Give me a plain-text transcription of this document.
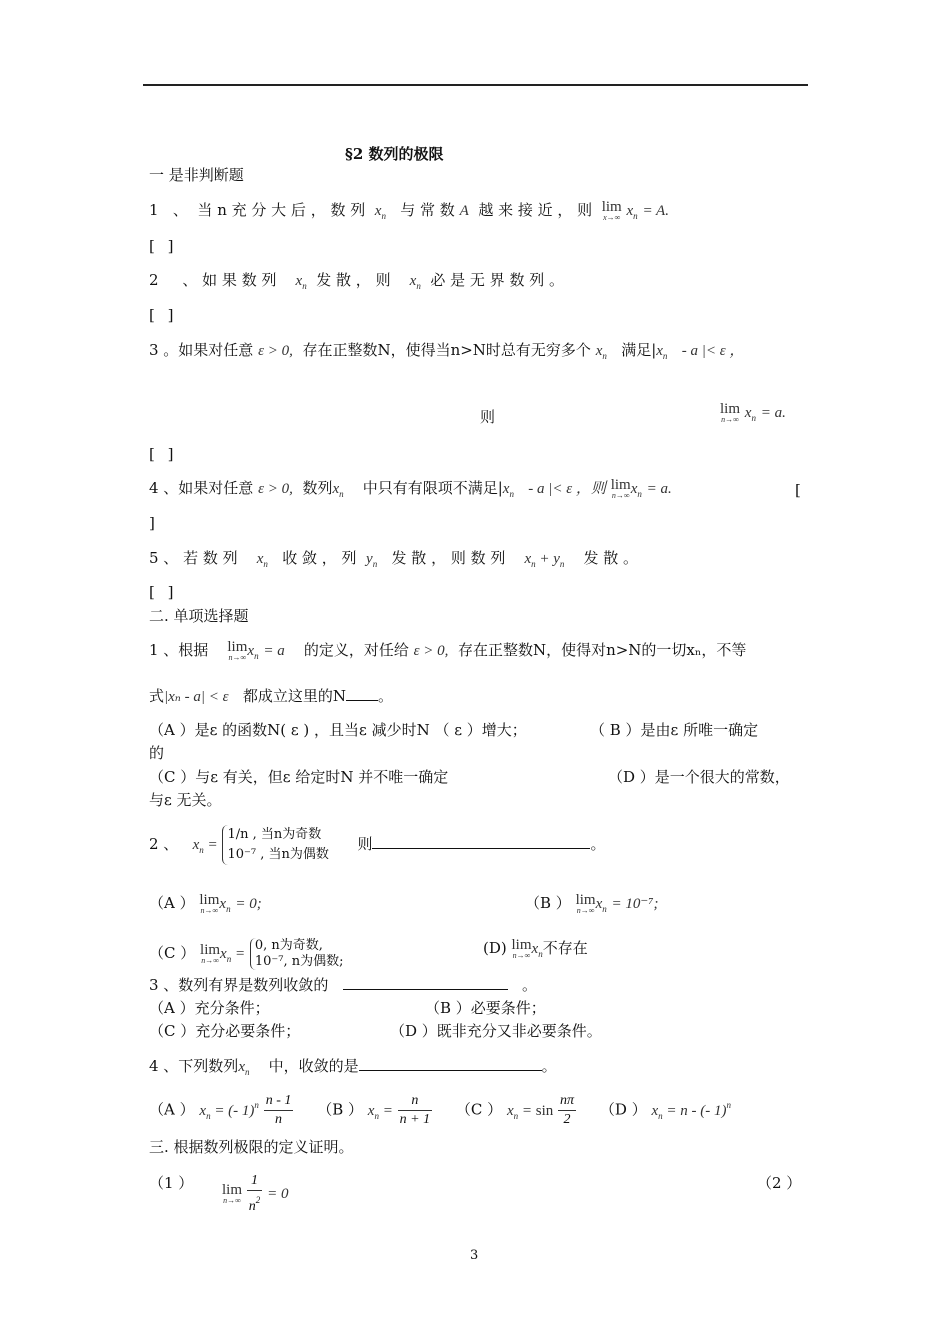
§2 数列的极限
一 是非判断题
1 、 当 n 充 分 大 后 ， 数 列 $x_n$ 与 常 数 A 越 来 接 近 ， 则 lim
x→∞ $x_n = A$.
[ ]
2 、 如 果 数 列 $x_n$ 发 散 ， 则 $x_n$ 必 是 无 界 数 列 。
[ ]
3 。如果对任意 ε > 0, 存在正整数N，使得当n>N时总有无穷多个 $x_n$ 满足$|x_n$ - a |< ε ，
则	lim
n→∞ $x_n = a$.
[ ]
4 、如果对任意 ε > 0, 数列$x_n$ 中只有有限项不满足$|x_n$ - a |< ε ，则 lim
n→∞ $x_n = a$.	[
]
5 、 若 数 列 $x_n$ 收 敛 ， 列 $y_n$ 发 散 ， 则 数 列 $x_n + y_n$ 发 散 。
[ ]
二. 单项选择题
1 、根据 lim
n→∞ $x_n = a$ 的定义，对任给 ε > 0, 存在正整数N，使得对n>N的一切xₙ，不等
式|xₙ - a| < ε 都成立这里的N 。
（A ）是ε 的函数N( ε ) ，且当ε 减少时N （ ε ）增大；	（ B ）是由ε 所唯一确定
的
（C ）与ε 有关，但ε 给定时N 并不唯一确定	（D ）是一个很大的常数，
与ε 无关。
2 、 $x_n$ =
1/n , 当n为奇数
10⁻⁷ , 当n为偶数
则	。
（A ） lim
n→∞ $x_n = 0$;	（B ） lim
n→∞ $x_n = 10^{-7}$;
（C ） lim
n→∞ $x_n$ =
0, n为奇数,
10⁻⁷, n为偶数;
(D) lim
n→∞ $x_n$不存在
3 、数列有界是数列收敛的	。
（A ）充分条件；	（B ）必要条件；
（C ）充分必要条件；	（D ）既非充分又非必要条件。
4 、下列数列$x_n$ 中，收敛的是	。
（A ） $x_n$ = (- $1)^n \frac{n - 1}{n} (B$ ） $x_n = \frac{n}{n + 1} (C$ ） $x_n = \sin \frac{n\pi}{2} (D$ ） $x_n = n$ - (- 1)$^n$
三. 根据数列极限的定义证明。
（1 ） lim
n→∞
$\frac{1}{n^2} = 0$
（2 ）
3
